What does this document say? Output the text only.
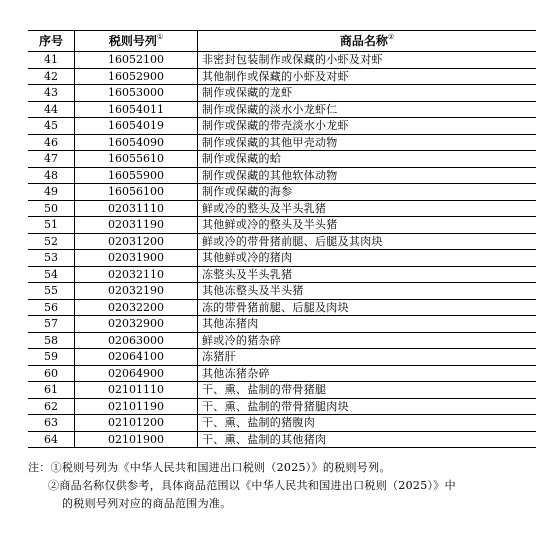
序号	税则号列①	商品名称②
41	16052100	非密封包装制作或保藏的小虾及对虾
42	16052900	其他制作或保藏的小虾及对虾
43	16053000	制作或保藏的龙虾
44	16054011	制作或保藏的淡水小龙虾仁
45	16054019	制作或保藏的带壳淡水小龙虾
46	16054090	制作或保藏的其他甲壳动物
47	16055610	制作或保藏的蛤
48	16055900	制作或保藏的其他软体动物
49	16056100	制作或保藏的海参
50	02031110	鲜或冷的整头及半头乳猪
51	02031190	其他鲜或冷的整头及半头猪
52	02031200	鲜或冷的带骨猪前腿、后腿及其肉块
53	02031900	其他鲜或冷的猪肉
54	02032110	冻整头及半头乳猪
55	02032190	其他冻整头及半头猪
56	02032200	冻的带骨猪前腿、后腿及肉块
57	02032900	其他冻猪肉
58	02063000	鲜或冷的猪杂碎
59	02064100	冻猪肝
60	02064900	其他冻猪杂碎
61	02101110	干、熏、盐制的带骨猪腿
62	02101190	干、熏、盐制的带骨猪腿肉块
63	02101200	干、熏、盐制的猪腹肉
64	02101900	干、熏、盐制的其他猪肉
注：①税则号列为《中华人民共和国进出口税则（2025）》的税则号列。
②商品名称仅供参考，具体商品范围以《中华人民共和国进出口税则（2025）》中
的税则号列对应的商品范围为准。
